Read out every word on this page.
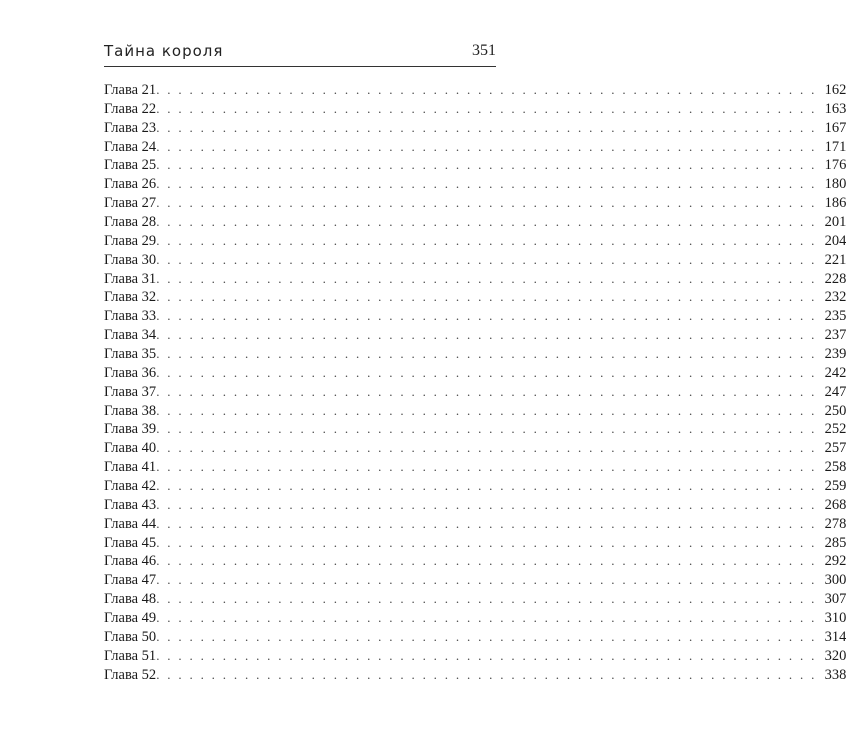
Тайна короля	351
Глава 21 . . . . . . . . . . . . . . . . . . . . . . . . . . . . . . . . . . . . . . . . . . . . . . . . . . . . . . . . . . . . 162
Глава 22 . . . . . . . . . . . . . . . . . . . . . . . . . . . . . . . . . . . . . . . . . . . . . . . . . . . . . . . . . . . . 163
Глава 23 . . . . . . . . . . . . . . . . . . . . . . . . . . . . . . . . . . . . . . . . . . . . . . . . . . . . . . . . . . . . 167
Глава 24 . . . . . . . . . . . . . . . . . . . . . . . . . . . . . . . . . . . . . . . . . . . . . . . . . . . . . . . . . . . . 171
Глава 25 . . . . . . . . . . . . . . . . . . . . . . . . . . . . . . . . . . . . . . . . . . . . . . . . . . . . . . . . . . . . 176
Глава 26 . . . . . . . . . . . . . . . . . . . . . . . . . . . . . . . . . . . . . . . . . . . . . . . . . . . . . . . . . . . . 180
Глава 27 . . . . . . . . . . . . . . . . . . . . . . . . . . . . . . . . . . . . . . . . . . . . . . . . . . . . . . . . . . . . 186
Глава 28 . . . . . . . . . . . . . . . . . . . . . . . . . . . . . . . . . . . . . . . . . . . . . . . . . . . . . . . . . . . . 201
Глава 29 . . . . . . . . . . . . . . . . . . . . . . . . . . . . . . . . . . . . . . . . . . . . . . . . . . . . . . . . . . . . 204
Глава 30 . . . . . . . . . . . . . . . . . . . . . . . . . . . . . . . . . . . . . . . . . . . . . . . . . . . . . . . . . . . . 221
Глава 31 . . . . . . . . . . . . . . . . . . . . . . . . . . . . . . . . . . . . . . . . . . . . . . . . . . . . . . . . . . . . 228
Глава 32 . . . . . . . . . . . . . . . . . . . . . . . . . . . . . . . . . . . . . . . . . . . . . . . . . . . . . . . . . . . . 232
Глава 33 . . . . . . . . . . . . . . . . . . . . . . . . . . . . . . . . . . . . . . . . . . . . . . . . . . . . . . . . . . . . 235
Глава 34 . . . . . . . . . . . . . . . . . . . . . . . . . . . . . . . . . . . . . . . . . . . . . . . . . . . . . . . . . . . . 237
Глава 35 . . . . . . . . . . . . . . . . . . . . . . . . . . . . . . . . . . . . . . . . . . . . . . . . . . . . . . . . . . . . 239
Глава 36 . . . . . . . . . . . . . . . . . . . . . . . . . . . . . . . . . . . . . . . . . . . . . . . . . . . . . . . . . . . . 242
Глава 37 . . . . . . . . . . . . . . . . . . . . . . . . . . . . . . . . . . . . . . . . . . . . . . . . . . . . . . . . . . . . 247
Глава 38 . . . . . . . . . . . . . . . . . . . . . . . . . . . . . . . . . . . . . . . . . . . . . . . . . . . . . . . . . . . . 250
Глава 39 . . . . . . . . . . . . . . . . . . . . . . . . . . . . . . . . . . . . . . . . . . . . . . . . . . . . . . . . . . . . 252
Глава 40 . . . . . . . . . . . . . . . . . . . . . . . . . . . . . . . . . . . . . . . . . . . . . . . . . . . . . . . . . . . . 257
Глава 41 . . . . . . . . . . . . . . . . . . . . . . . . . . . . . . . . . . . . . . . . . . . . . . . . . . . . . . . . . . . . 258
Глава 42 . . . . . . . . . . . . . . . . . . . . . . . . . . . . . . . . . . . . . . . . . . . . . . . . . . . . . . . . . . . . 259
Глава 43 . . . . . . . . . . . . . . . . . . . . . . . . . . . . . . . . . . . . . . . . . . . . . . . . . . . . . . . . . . . . 268
Глава 44 . . . . . . . . . . . . . . . . . . . . . . . . . . . . . . . . . . . . . . . . . . . . . . . . . . . . . . . . . . . . 278
Глава 45 . . . . . . . . . . . . . . . . . . . . . . . . . . . . . . . . . . . . . . . . . . . . . . . . . . . . . . . . . . . . 285
Глава 46 . . . . . . . . . . . . . . . . . . . . . . . . . . . . . . . . . . . . . . . . . . . . . . . . . . . . . . . . . . . . 292
Глава 47 . . . . . . . . . . . . . . . . . . . . . . . . . . . . . . . . . . . . . . . . . . . . . . . . . . . . . . . . . . . . 300
Глава 48 . . . . . . . . . . . . . . . . . . . . . . . . . . . . . . . . . . . . . . . . . . . . . . . . . . . . . . . . . . . . 307
Глава 49 . . . . . . . . . . . . . . . . . . . . . . . . . . . . . . . . . . . . . . . . . . . . . . . . . . . . . . . . . . . . 310
Глава 50 . . . . . . . . . . . . . . . . . . . . . . . . . . . . . . . . . . . . . . . . . . . . . . . . . . . . . . . . . . . . 314
Глава 51 . . . . . . . . . . . . . . . . . . . . . . . . . . . . . . . . . . . . . . . . . . . . . . . . . . . . . . . . . . . . 320
Глава 52 . . . . . . . . . . . . . . . . . . . . . . . . . . . . . . . . . . . . . . . . . . . . . . . . . . . . . . . . . . . . 338
